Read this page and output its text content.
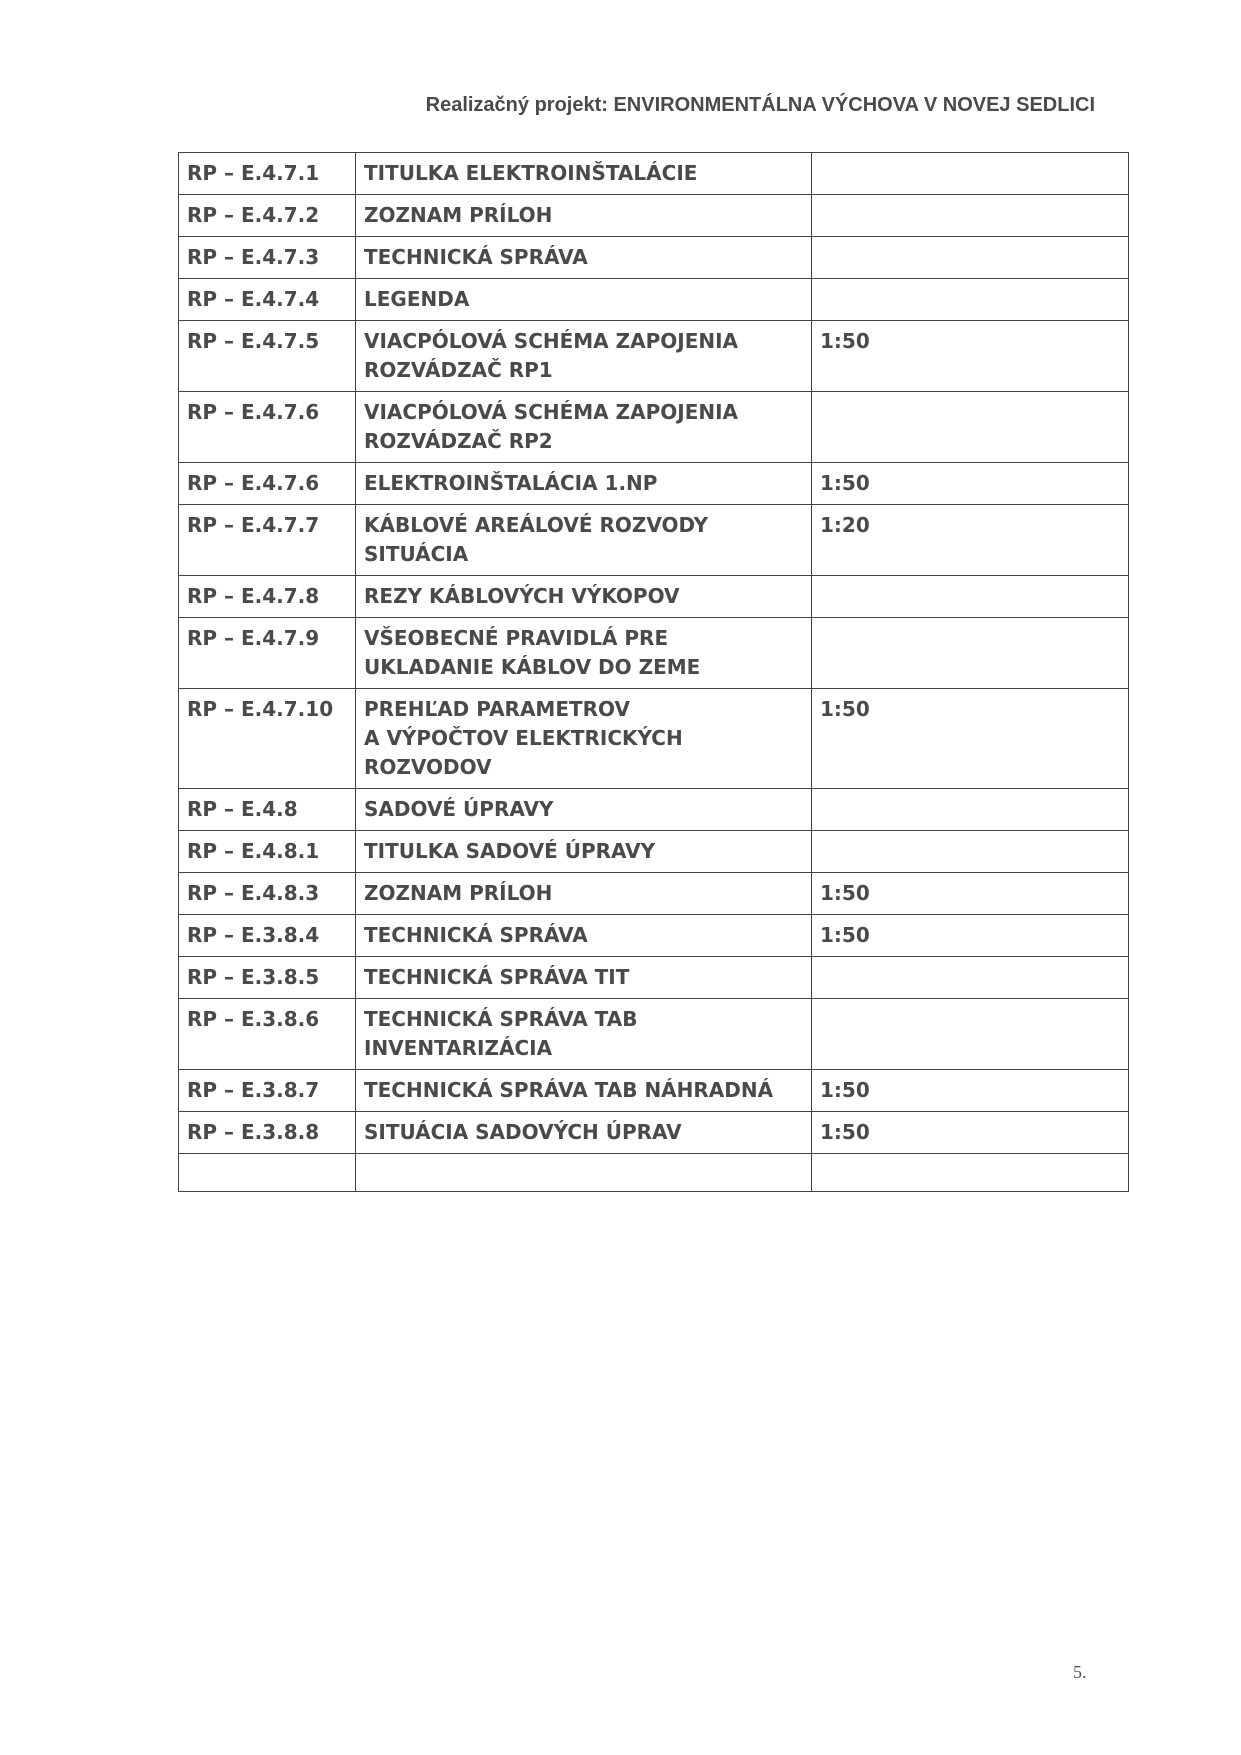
Realizačný projekt: ENVIRONMENTÁLNA VÝCHOVA V NOVEJ SEDLICI
RP – E.4.7.1	TITULKA ELEKTROINŠTALÁCIE	
RP – E.4.7.2	ZOZNAM PRÍLOH	
RP – E.4.7.3	TECHNICKÁ SPRÁVA	
RP – E.4.7.4	LEGENDA	
RP – E.4.7.5	VIACPÓLOVÁ SCHÉMA ZAPOJENIA
ROZVÁDZAČ RP1	1:50
RP – E.4.7.6	VIACPÓLOVÁ SCHÉMA ZAPOJENIA
ROZVÁDZAČ RP2	
RP – E.4.7.6	ELEKTROINŠTALÁCIA 1.NP	1:50
RP – E.4.7.7	KÁBLOVÉ AREÁLOVÉ ROZVODY
SITUÁCIA	1:20
RP – E.4.7.8	REZY KÁBLOVÝCH VÝKOPOV	
RP – E.4.7.9	VŠEOBECNÉ PRAVIDLÁ PRE
UKLADANIE KÁBLOV DO ZEME	
RP – E.4.7.10	PREHĽAD PARAMETROV
A VÝPOČTOV ELEKTRICKÝCH
ROZVODOV	1:50
RP – E.4.8	SADOVÉ ÚPRAVY	
RP – E.4.8.1	TITULKA SADOVÉ ÚPRAVY	
RP – E.4.8.3	ZOZNAM PRÍLOH	1:50
RP – E.3.8.4	TECHNICKÁ SPRÁVA	1:50
RP – E.3.8.5	TECHNICKÁ SPRÁVA TIT	
RP – E.3.8.6	TECHNICKÁ SPRÁVA TAB
INVENTARIZÁCIA	
RP – E.3.8.7	TECHNICKÁ SPRÁVA TAB NÁHRADNÁ	1:50
RP – E.3.8.8	SITUÁCIA SADOVÝCH ÚPRAV	1:50

5.
